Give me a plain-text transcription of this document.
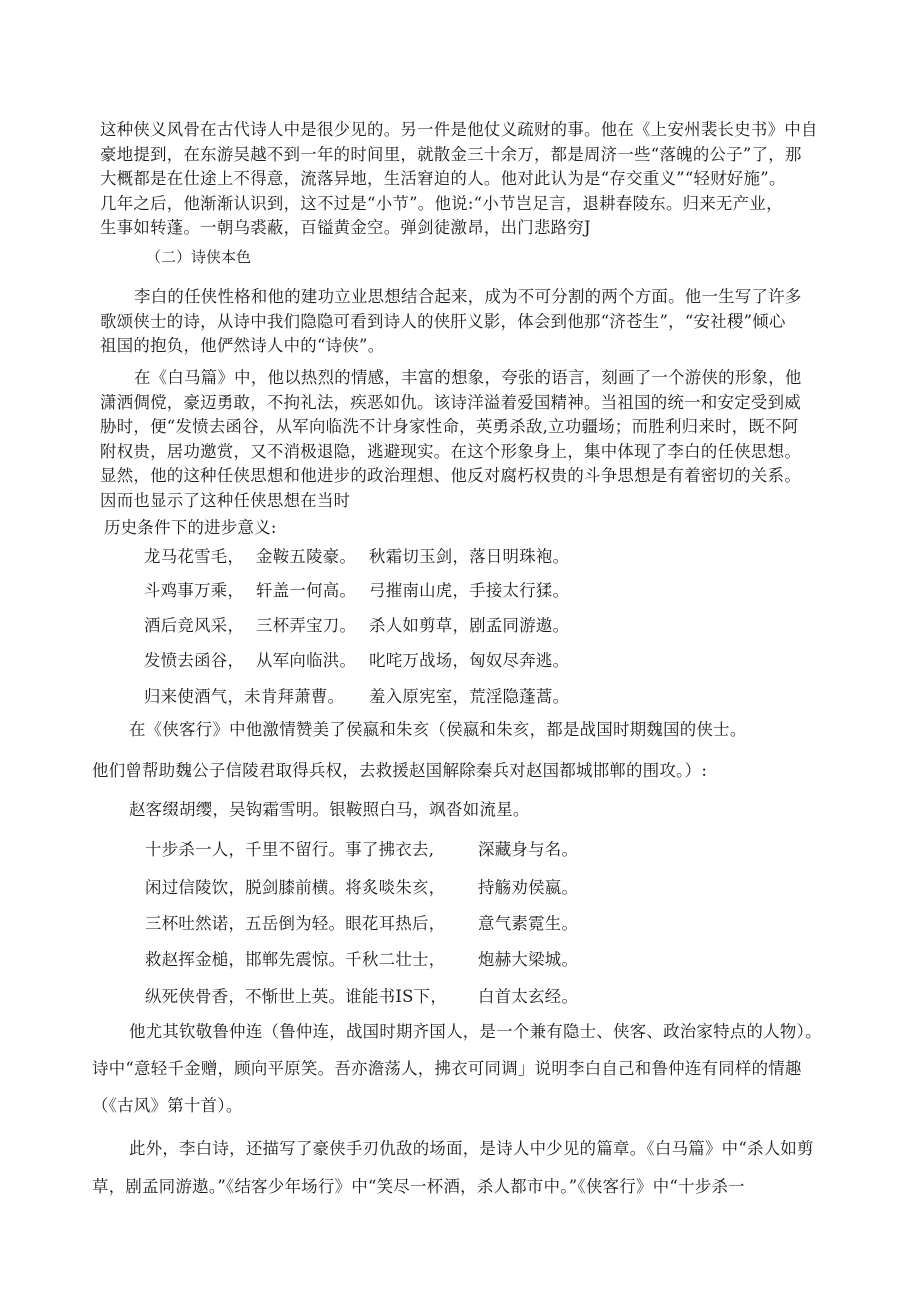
这种侠义风骨在古代诗人中是很少见的。另一件是他仗义疏财的事。他在《上安州裴长史书》中自
豪地提到，在东游吴越不到一年的时间里，就散金三十余万，都是周济一些“落魄的公子”了，那
大概都是在仕途上不得意，流落异地，生活窘迫的人。他对此认为是“存交重义”“轻财好施”。
几年之后，他渐渐认识到，这不过是“小节”。他说:“小节岂足言，退耕春陵东。归来无产业，
生事如转蓬。一朝乌裘蔽，百镒黄金空。弹剑徒激昂，出门悲路穷J
（二）诗侠本色
李白的任侠性格和他的建功立业思想结合起来，成为不可分割的两个方面。他一生写了许多
歌颂侠士的诗，从诗中我们隐隐可看到诗人的侠肝义影，体会到他那“济苍生”，“安社稷”倾心
祖国的抱负，他俨然诗人中的“诗侠”。
在《白马篇》中，他以热烈的情感，丰富的想象，夸张的语言，刻画了一个游侠的形象，他
潇洒倜傥，豪迈勇敢，不拘礼法，疾恶如仇。该诗洋溢着爱国精神。当祖国的统一和安定受到威
胁时，便“发愤去函谷，从军向临洗不计身家性命，英勇杀敌,立功疆场；而胜利归来时，既不阿
附权贵，居功邀赏，又不消极退隐，逃避现实。在这个形象身上，集中体现了李白的任侠思想。
显然，他的这种任侠思想和他进步的政治理想、他反对腐朽权贵的斗争思想是有着密切的关系。
因而也显示了这种任侠思想在当时
历史条件下的进步意义:
龙马花雪毛， 金鞍五陵豪。 秋霜切玉剑，落日明珠袍。
斗鸡事万乘， 轩盖一何高。 弓摧南山虎，手接太行猱。
酒后竞风采， 三杯弄宝刀。 杀人如剪草，剧孟同游遨。
发愤去函谷， 从军向临洪。 叱咤万战场，匈奴尽奔逃。
归来使酒气，未肯拜萧曹。 羞入原宪室，荒淫隐蓬蒿。
在《侠客行》中他激情赞美了侯嬴和朱亥（侯嬴和朱亥，都是战国时期魏国的侠士。
他们曾帮助魏公子信陵君取得兵权，去救援赵国解除秦兵对赵国都城邯郸的围攻。）:
赵客缀胡缨，吴钩霜雪明。银鞍照白马，飒沓如流星。
十步杀一人，千里不留行。事了拂衣去,	深藏身与名。
闲过信陵饮，脱剑膝前横。将炙啖朱亥， 持觞劝侯嬴。
三杯吐然诺，五岳倒为轻。眼花耳热后， 意气素霓生。
救赵挥金槌，邯郸先震惊。千秋二壮士， 炮赫大梁城。
纵死侠骨香，不惭世上英。谁能书IS下， 白首太玄经。
他尤其钦敬鲁仲连（鲁仲连，战国时期齐国人，是一个兼有隐士、侠客、政治家特点的人物）。
诗中“意轻千金赠，顾向平原笑。吾亦澹荡人，拂衣可同调」说明李白自己和鲁仲连有同样的情趣
（《古风》第十首）。
此外，李白诗，还描写了豪侠手刃仇敌的场面，是诗人中少见的篇章。《白马篇》中“杀人如剪
草，剧孟同游遨。”《结客少年场行》中“笑尽一杯酒，杀人都市中。”《侠客行》中“十步杀一
